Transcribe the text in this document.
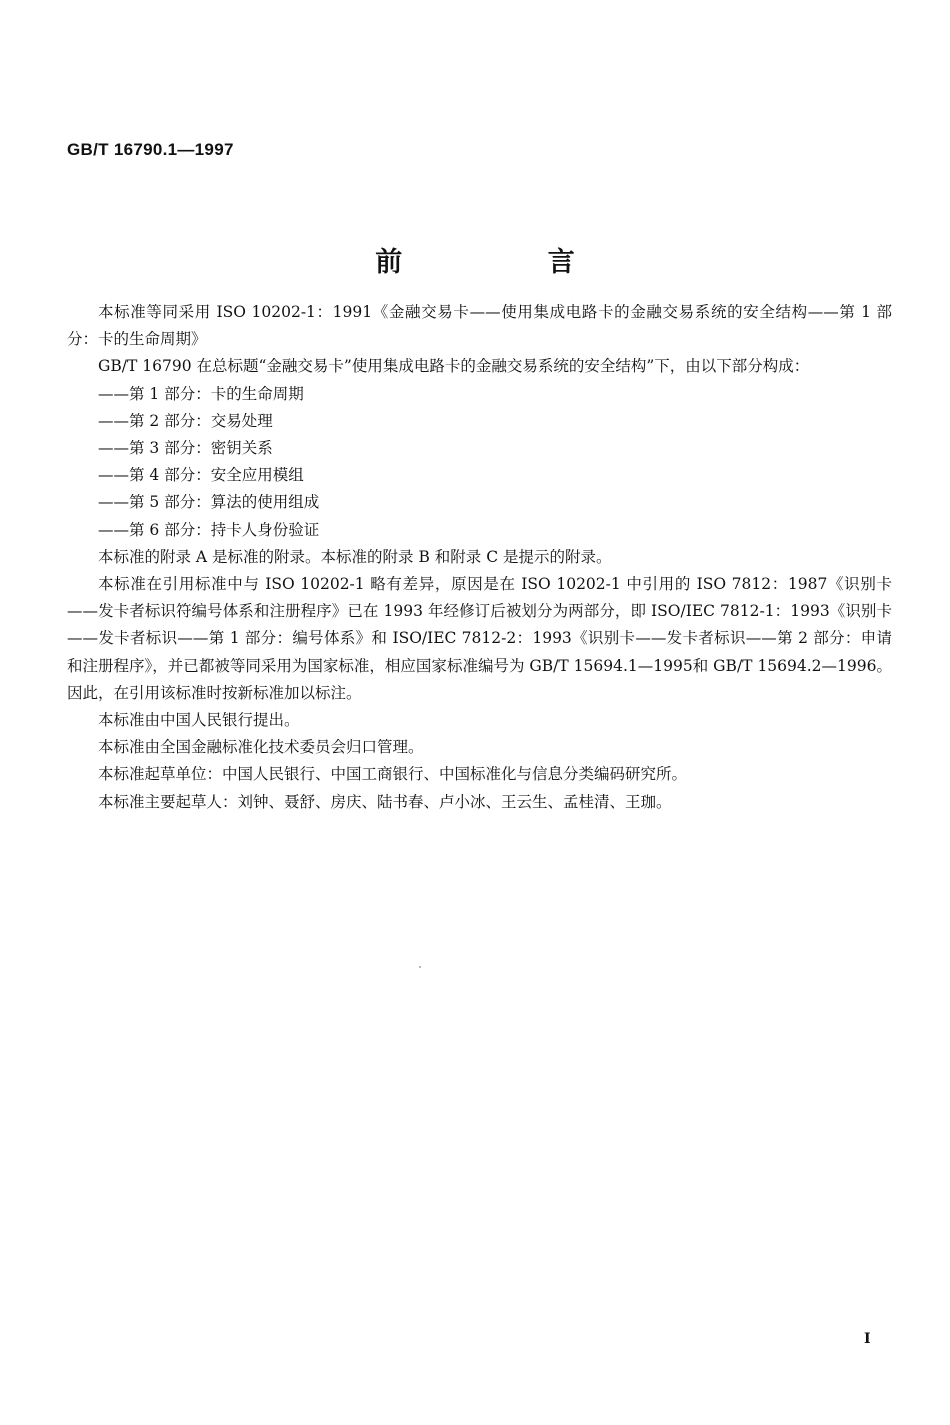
GB/T 16790.1—1997
前 言

本标准等同采用 ISO 10202-1：1991《金融交易卡——使用集成电路卡的金融交易系统的安全结构——第 1 部分：卡的生命周期》

GB/T 16790 在总标题“金融交易卡”使用集成电路卡的金融交易系统的安全结构”下，由以下部分构成：

——第 1 部分：卡的生命周期

——第 2 部分：交易处理

——第 3 部分：密钥关系

——第 4 部分：安全应用模组

——第 5 部分：算法的使用组成

——第 6 部分：持卡人身份验证

本标准的附录 A 是标准的附录。本标准的附录 B 和附录 C 是提示的附录。

本标准在引用标准中与 ISO 10202-1 略有差异，原因是在 ISO 10202-1 中引用的 ISO 7812：1987《识别卡——发卡者标识符编号体系和注册程序》已在 1993 年经修订后被划分为两部分，即 ISO/IEC 7812-1：1993《识别卡——发卡者标识——第 1 部分：编号体系》和 ISO/IEC 7812-2：1993《识别卡——发卡者标识——第 2 部分：申请和注册程序》，并已都被等同采用为国家标准，相应国家标准编号为 GB/T 15694.1—1995和 GB/T 15694.2—1996。因此，在引用该标准时按新标准加以标注。

本标准由中国人民银行提出。

本标准由全国金融标准化技术委员会归口管理。

本标准起草单位：中国人民银行、中国工商银行、中国标准化与信息分类编码研究所。

本标准主要起草人：刘钟、聂舒、房庆、陆书春、卢小冰、王云生、孟桂清、王珈。

I
